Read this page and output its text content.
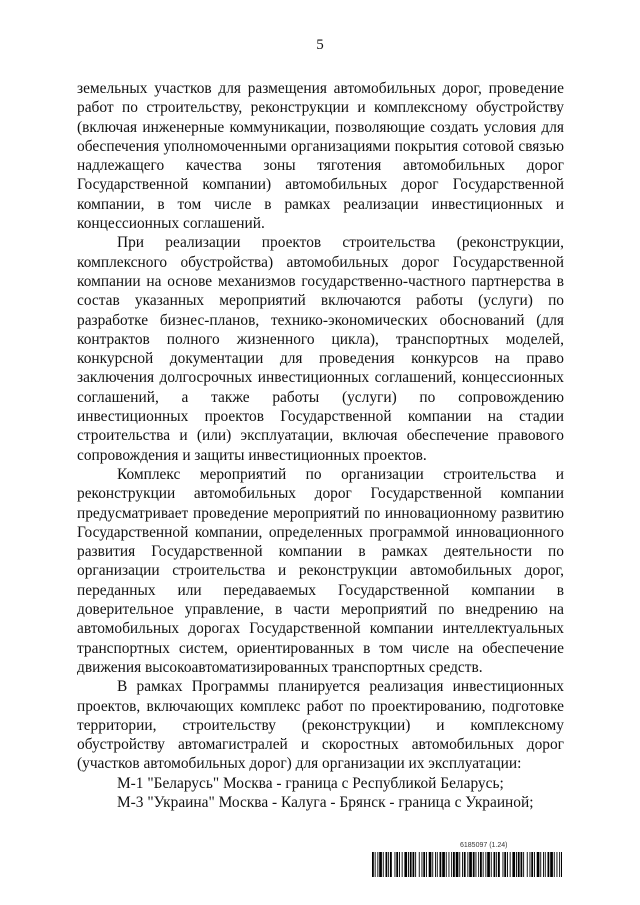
5

земельных участков для размещения автомобильных дорог, проведение работ по строительству, реконструкции и комплексному обустройству (включая инженерные коммуникации, позволяющие создать условия для обеспечения уполномоченными организациями покрытия сотовой связью надлежащего качества зоны тяготения автомобильных дорог Государственной компании) автомобильных дорог Государственной компании, в том числе в рамках реализации инвестиционных и концессионных соглашений.

При реализации проектов строительства (реконструкции, комплексного обустройства) автомобильных дорог Государственной компании на основе механизмов государственно-частного партнерства в состав указанных мероприятий включаются работы (услуги) по разработке бизнес-планов, технико-экономических обоснований (для контрактов полного жизненного цикла), транспортных моделей, конкурсной документации для проведения конкурсов на право заключения долгосрочных инвестиционных соглашений, концессионных соглашений, а также работы (услуги) по сопровождению инвестиционных проектов Государственной компании на стадии строительства и (или) эксплуатации, включая обеспечение правового сопровождения и защиты инвестиционных проектов.

Комплекс мероприятий по организации строительства и реконструкции автомобильных дорог Государственной компании предусматривает проведение мероприятий по инновационному развитию Государственной компании, определенных программой инновационного развития Государственной компании в рамках деятельности по организации строительства и реконструкции автомобильных дорог, переданных или передаваемых Государственной компании в доверительное управление, в части мероприятий по внедрению на автомобильных дорогах Государственной компании интеллектуальных транспортных систем, ориентированных в том числе на обеспечение движения высокоавтоматизированных транспортных средств.

В рамках Программы планируется реализация инвестиционных проектов, включающих комплекс работ по проектированию, подготовке территории, строительству (реконструкции) и комплексному обустройству автомагистралей и скоростных автомобильных дорог (участков автомобильных дорог) для организации их эксплуатации:

М-1 "Беларусь" Москва - граница с Республикой Беларусь;

М-3 "Украина" Москва - Калуга - Брянск - граница с Украиной;

6185097 (1.24)
